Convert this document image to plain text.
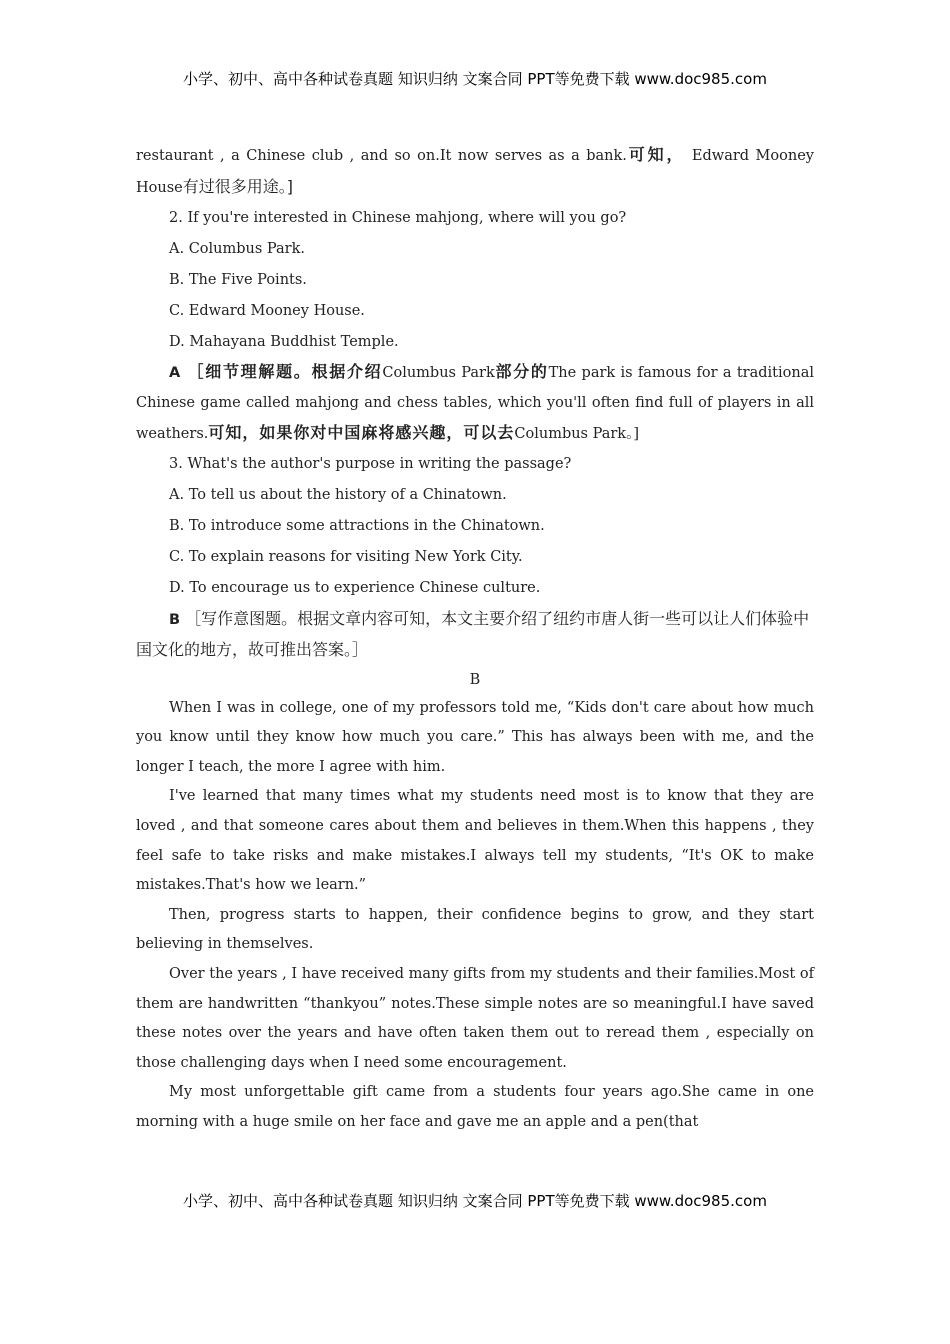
小学、初中、高中各种试卷真题 知识归纳 文案合同 PPT等免费下载 www.doc985.com

restaurant , a Chinese club , and so on.It now serves as a bank.可知， Edward Mooney House有过很多用途。]

2. If you're interested in Chinese mahjong, where will you go?

A. Columbus Park.

B. The Five Points.

C. Edward Mooney House.

D. Mahayana Buddhist Temple.

A ［细节理解题。根据介绍Columbus Park部分的The park is famous for a traditional Chinese game called mahjong and chess tables, which you'll often find full of players in all weathers.可知，如果你对中国麻将感兴趣，可以去Columbus Park。]

3. What's the author's purpose in writing the passage?

A. To tell us about the history of a Chinatown.

B. To introduce some attractions in the Chinatown.

C. To explain reasons for visiting New York City.

D. To encourage us to experience Chinese culture.

B ［写作意图题。根据文章内容可知，本文主要介绍了纽约市唐人街一些可以让人们体验中国文化的地方，故可推出答案。］

B

When I was in college, one of my professors told me, “Kids don't care about how much you know until they know how much you care.” This has always been with me, and the longer I teach, the more I agree with him.

I've learned that many times what my students need most is to know that they are loved , and that someone cares about them and believes in them.When this happens , they feel safe to take risks and make mistakes.I always tell my students, “It's OK to make mistakes.That's how we learn.”

Then, progress starts to happen, their confidence begins to grow, and they start believing in themselves.

Over the years , I have received many gifts from my students and their families.Most of them are handwritten “thankyou” notes.These simple notes are so meaningful.I have saved these notes over the years and have often taken them out to reread them , especially on those challenging days when I need some encouragement.

My most unforgettable gift came from a students four years ago.She came in one morning with a huge smile on her face and gave me an apple and a pen(that

小学、初中、高中各种试卷真题 知识归纳 文案合同 PPT等免费下载 www.doc985.com
